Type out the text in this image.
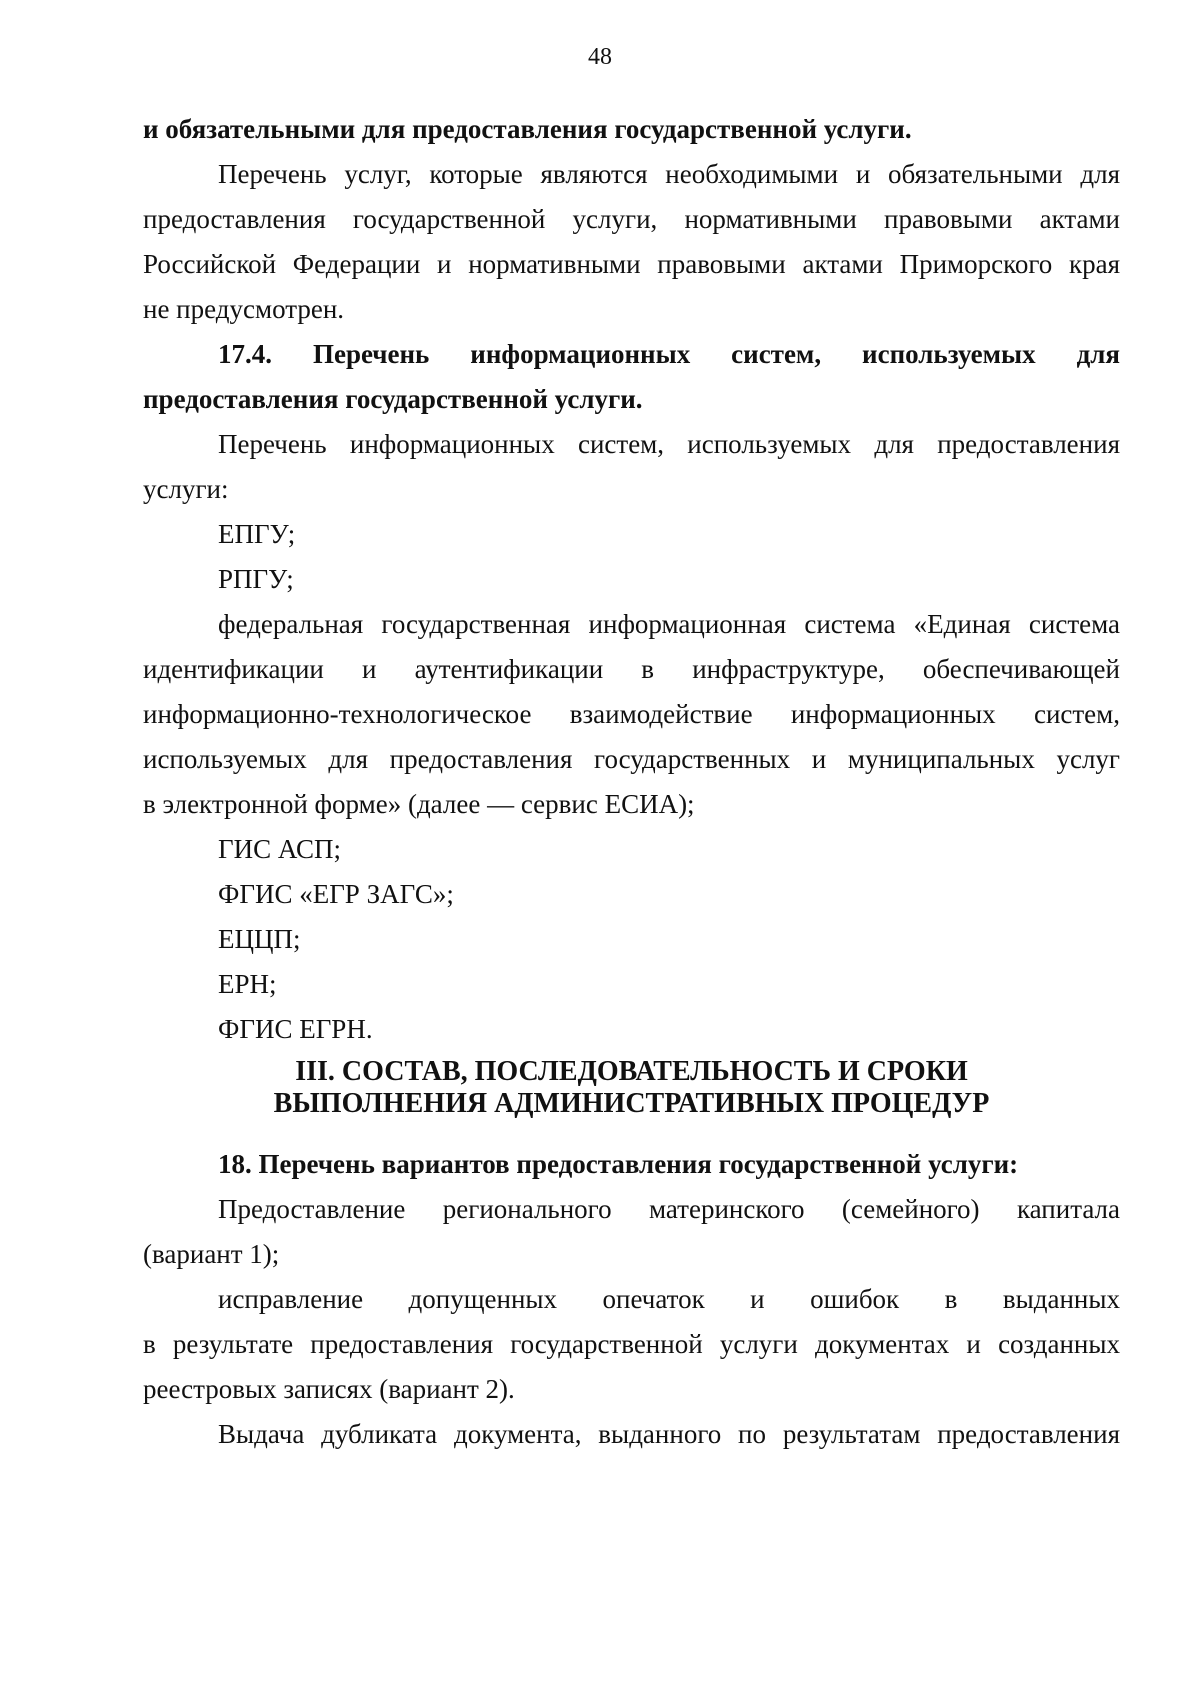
48
и обязательными для предоставления государственной услуги.
Перечень услуг, которые являются необходимыми и обязательными для
предоставления государственной услуги, нормативными правовыми актами
Российской Федерации и нормативными правовыми актами Приморского края
не предусмотрен.
17.4. Перечень информационных систем, используемых для
предоставления государственной услуги.
Перечень информационных систем, используемых для предоставления
услуги:
ЕПГУ;
РПГУ;
федеральная государственная информационная система «Единая система
идентификации и аутентификации в инфраструктуре, обеспечивающей
информационно-технологическое взаимодействие информационных систем,
используемых для предоставления государственных и муниципальных услуг
в электронной форме» (далее — сервис ЕСИА);
ГИС АСП;
ФГИС «ЕГР ЗАГС»;
ЕЦЦП;
ЕРН;
ФГИС ЕГРН.
III. СОСТАВ, ПОСЛЕДОВАТЕЛЬНОСТЬ И СРОКИ
ВЫПОЛНЕНИЯ АДМИНИСТРАТИВНЫХ ПРОЦЕДУР
18. Перечень вариантов предоставления государственной услуги:
Предоставление регионального материнского (семейного) капитала
(вариант 1);
исправление допущенных опечаток и ошибок в выданных
в результате предоставления государственной услуги документах и созданных
реестровых записях (вариант 2).
Выдача дубликата документа, выданного по результатам предоставления
